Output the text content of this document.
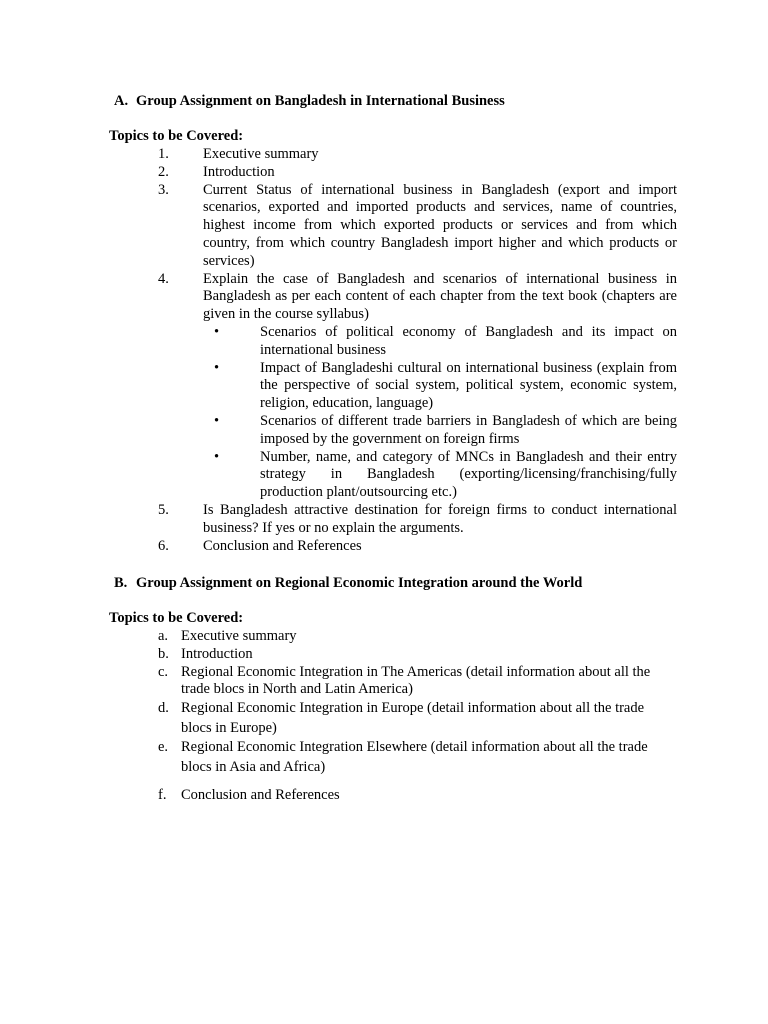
A. Group Assignment on Bangladesh in International Business
Topics to be Covered:
1. Executive summary
2. Introduction
3. Current Status of international business in Bangladesh (export and import scenarios, exported and imported products and services, name of countries, highest income from which exported products or services and from which country, from which country Bangladesh import higher and which products or services)
4. Explain the case of Bangladesh and scenarios of international business in Bangladesh as per each content of each chapter from the text book (chapters are given in the course syllabus)
•	Scenarios of political economy of Bangladesh and its impact on international business
•	Impact of Bangladeshi cultural on international business (explain from the perspective of social system, political system, economic system, religion, education, language)
•	Scenarios of different trade barriers in Bangladesh of which are being imposed by the government on foreign firms
•	Number, name, and category of MNCs in Bangladesh and their entry strategy in Bangladesh (exporting/licensing/franchising/fully production plant/outsourcing etc.)
5. Is Bangladesh attractive destination for foreign firms to conduct international business? If yes or no explain the arguments.
6. Conclusion and References
B. Group Assignment on Regional Economic Integration around the World
Topics to be Covered:
a. Executive summary
b. Introduction
c. Regional Economic Integration in The Americas (detail information about all the trade blocs in North and Latin America)
d. Regional Economic Integration in Europe (detail information about all the trade blocs in Europe)
e. Regional Economic Integration Elsewhere (detail information about all the trade blocs in Asia and Africa)
f. Conclusion and References
